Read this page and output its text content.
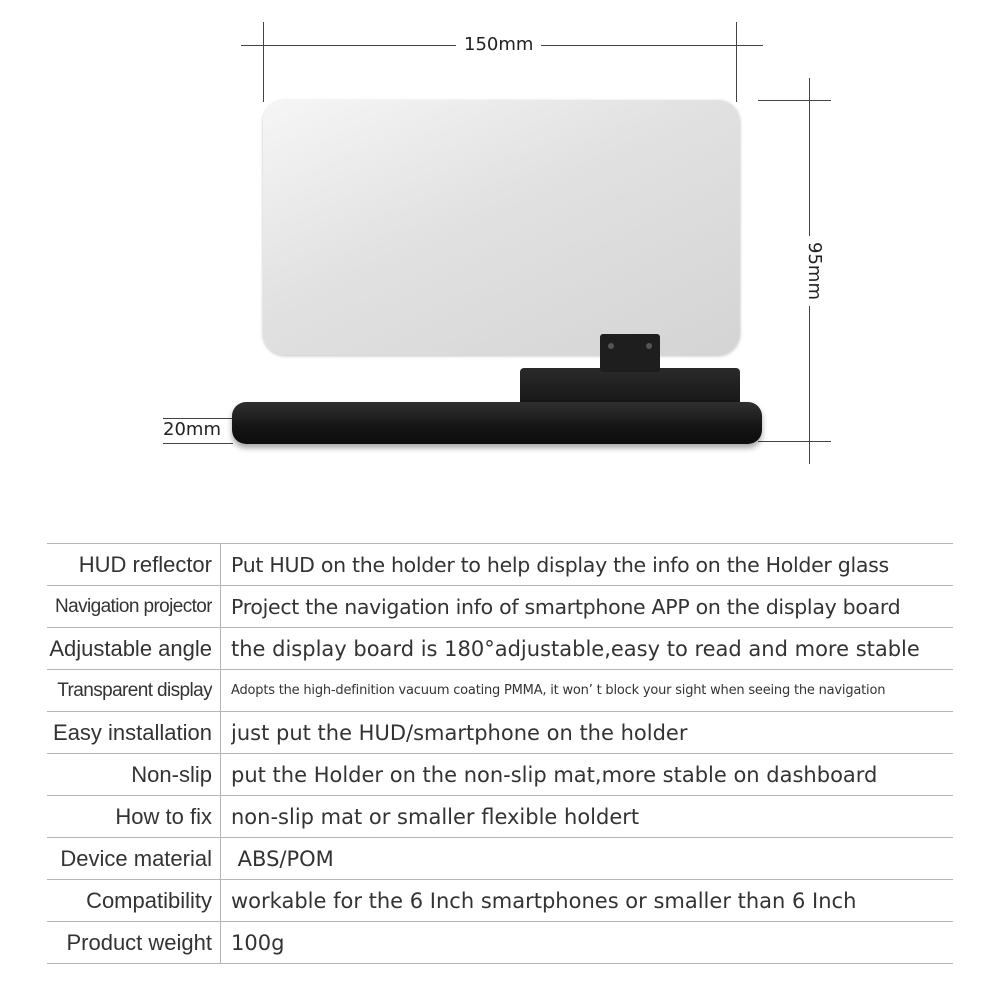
150mm
95mm
20mm
HUD reflector Put HUD on the holder to help display the info on the Holder glass
Navigation projector Project the navigation info of smartphone APP on the display board
Adjustable angle the display board is 180°adjustable,easy to read and more stable
Transparent display Adopts the high-definition vacuum coating PMMA, it won’ t block your sight when seeing the navigation
Easy installation just put the HUD/smartphone on the holder
Non-slip put the Holder on the non-slip mat,more stable on dashboard
How to fix non-slip mat or smaller flexible holdert
Device material ABS/POM
Compatibility workable for the 6 Inch smartphones or smaller than 6 Inch
Product weight 100g
